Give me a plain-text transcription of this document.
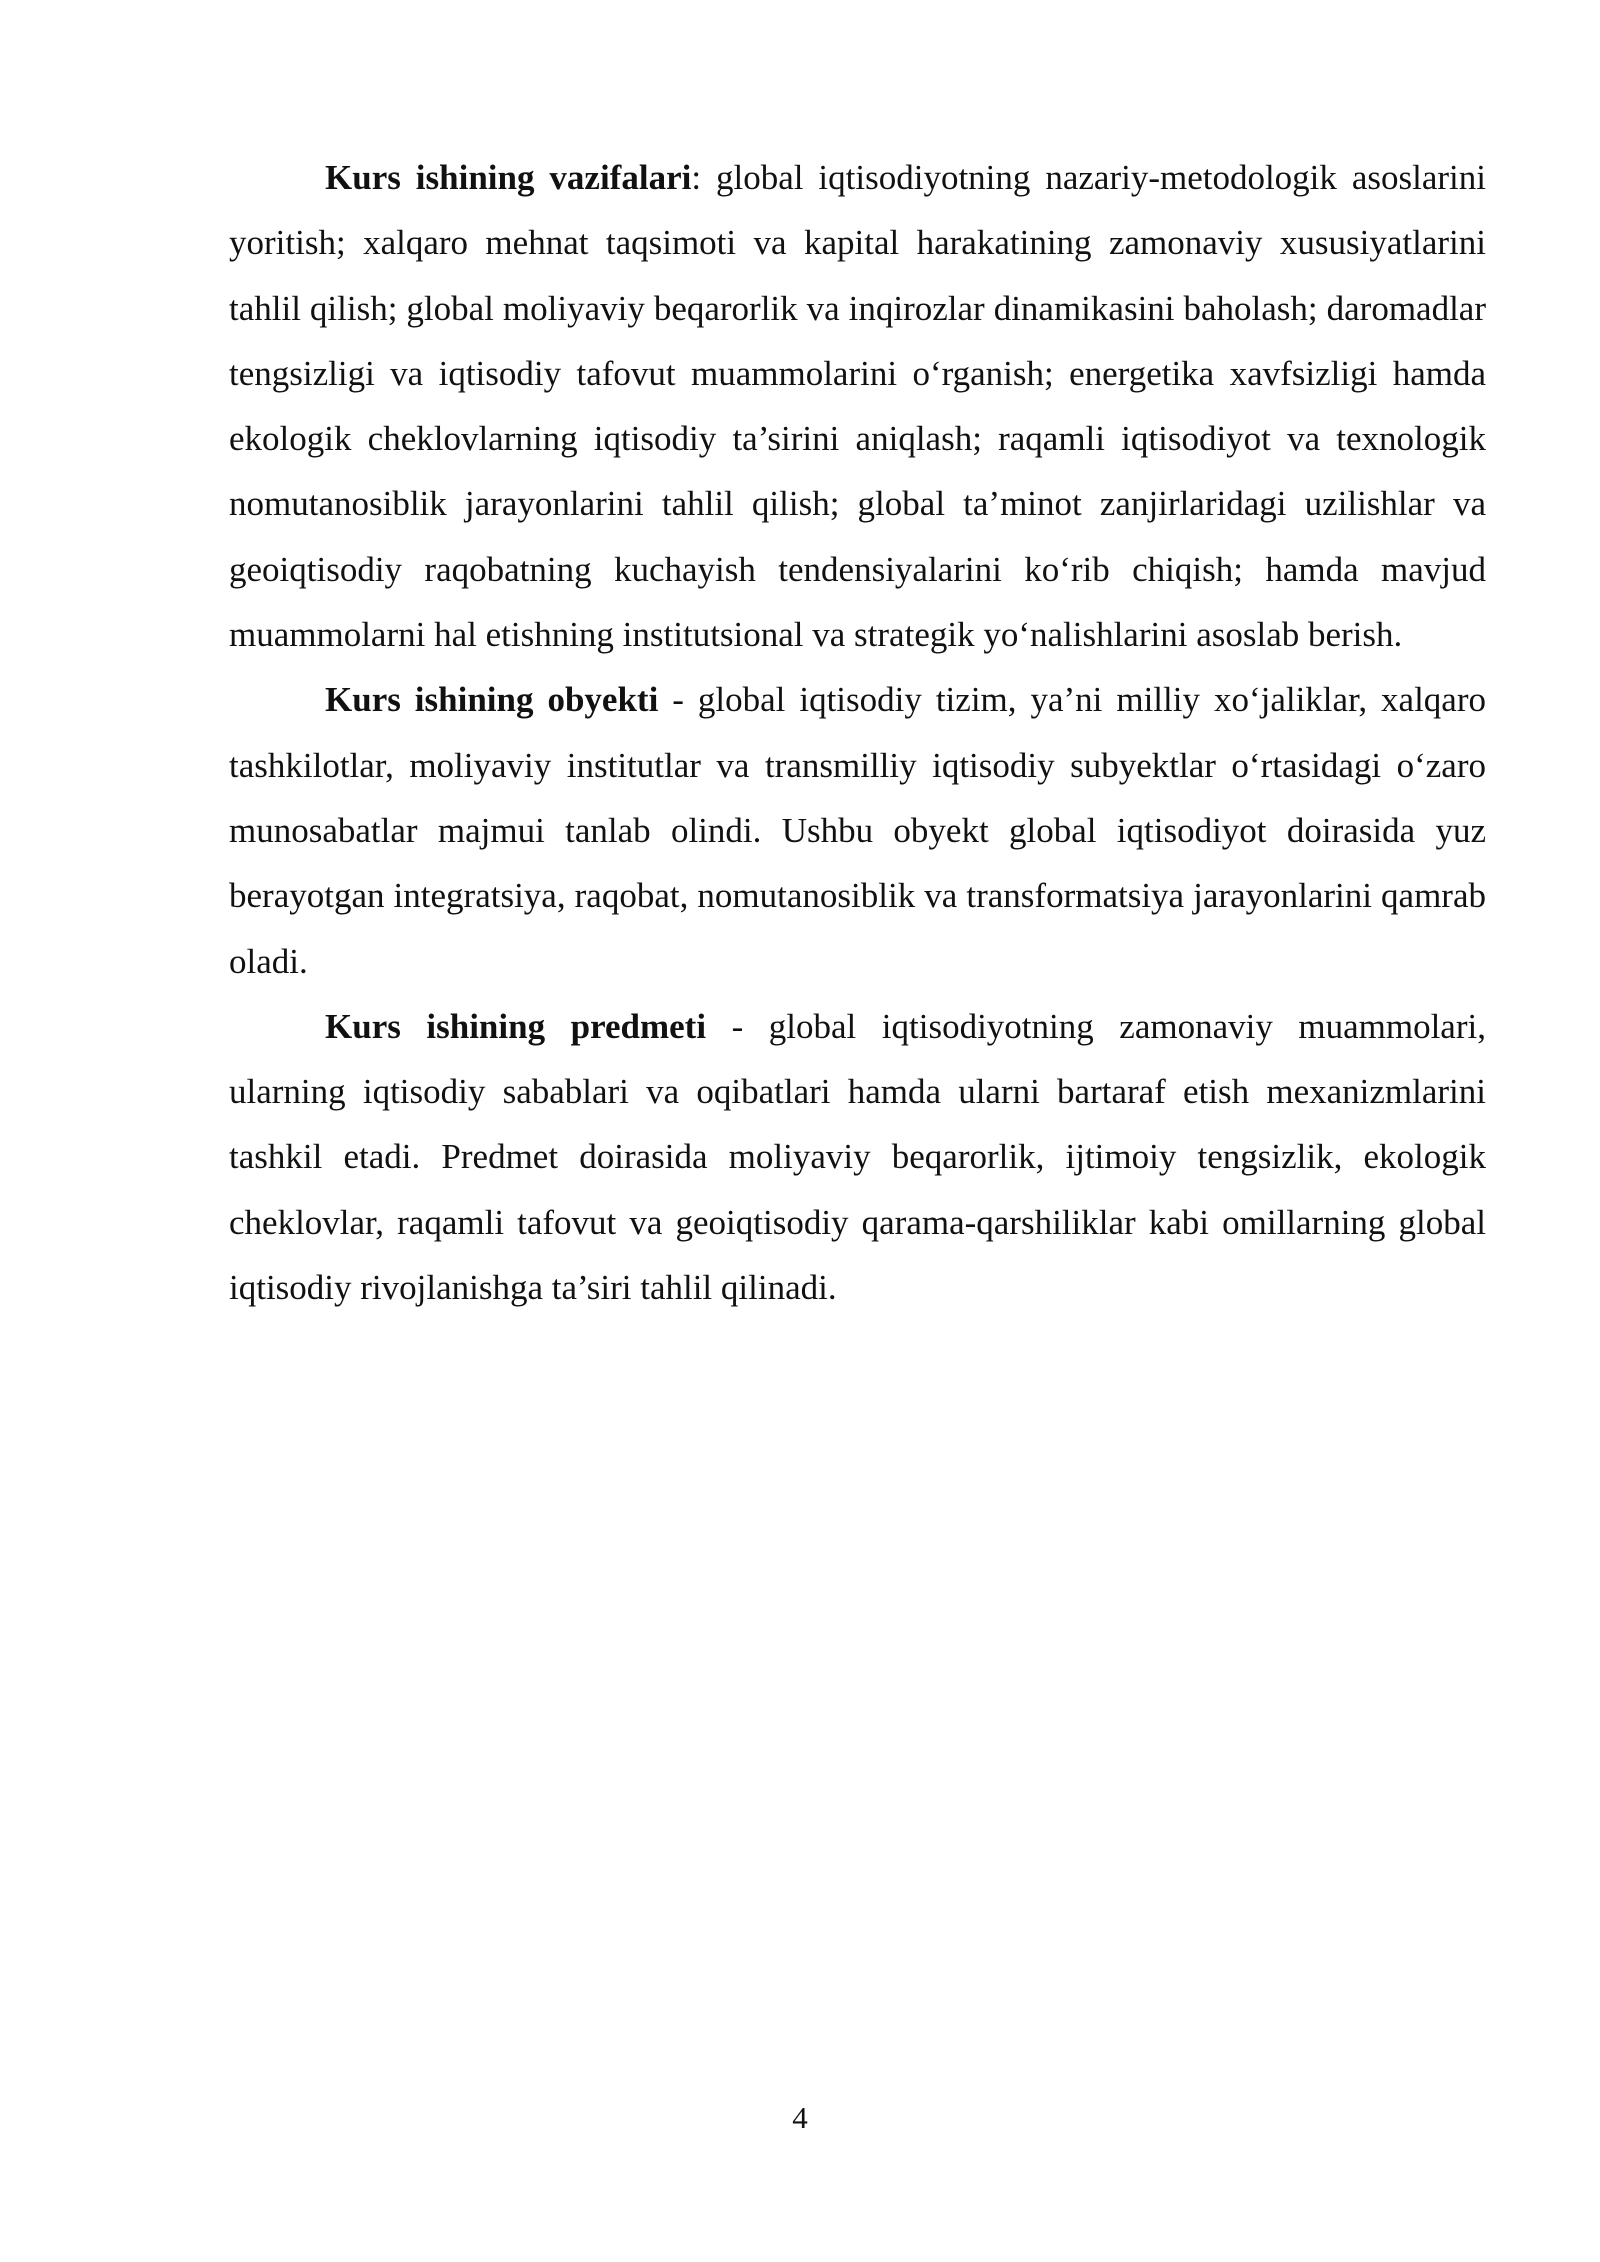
Kurs ishining vazifalari: global iqtisodiyotning nazariy-metodologik asoslarini yoritish; xalqaro mehnat taqsimoti va kapital harakatining zamonaviy xususiyatlarini tahlil qilish; global moliyaviy beqarorlik va inqirozlar dinamikasini baholash; daromadlar tengsizligi va iqtisodiy tafovut muammolarini o‘rganish; energetika xavfsizligi hamda ekologik cheklovlarning iqtisodiy ta’sirini aniqlash; raqamli iqtisodiyot va texnologik nomutanosiblik jarayonlarini tahlil qilish; global ta’minot zanjirlaridagi uzilishlar va geoiqtisodiy raqobatning kuchayish tendensiyalarini ko‘rib chiqish; hamda mavjud muammolarni hal etishning institutsional va strategik yo‘nalishlarini asoslab berish.

Kurs ishining obyekti - global iqtisodiy tizim, ya’ni milliy xo‘jaliklar, xalqaro tashkilotlar, moliyaviy institutlar va transmilliy iqtisodiy subyektlar o‘rtasidagi o‘zaro munosabatlar majmui tanlab olindi. Ushbu obyekt global iqtisodiyot doirasida yuz berayotgan integratsiya, raqobat, nomutanosiblik va transformatsiya jarayonlarini qamrab oladi.

Kurs ishining predmeti - global iqtisodiyotning zamonaviy muammolari, ularning iqtisodiy sabablari va oqibatlari hamda ularni bartaraf etish mexanizmlarini tashkil etadi. Predmet doirasida moliyaviy beqarorlik, ijtimoiy tengsizlik, ekologik cheklovlar, raqamli tafovut va geoiqtisodiy qarama-qarshiliklar kabi omillarning global iqtisodiy rivojlanishga ta’siri tahlil qilinadi.

4
